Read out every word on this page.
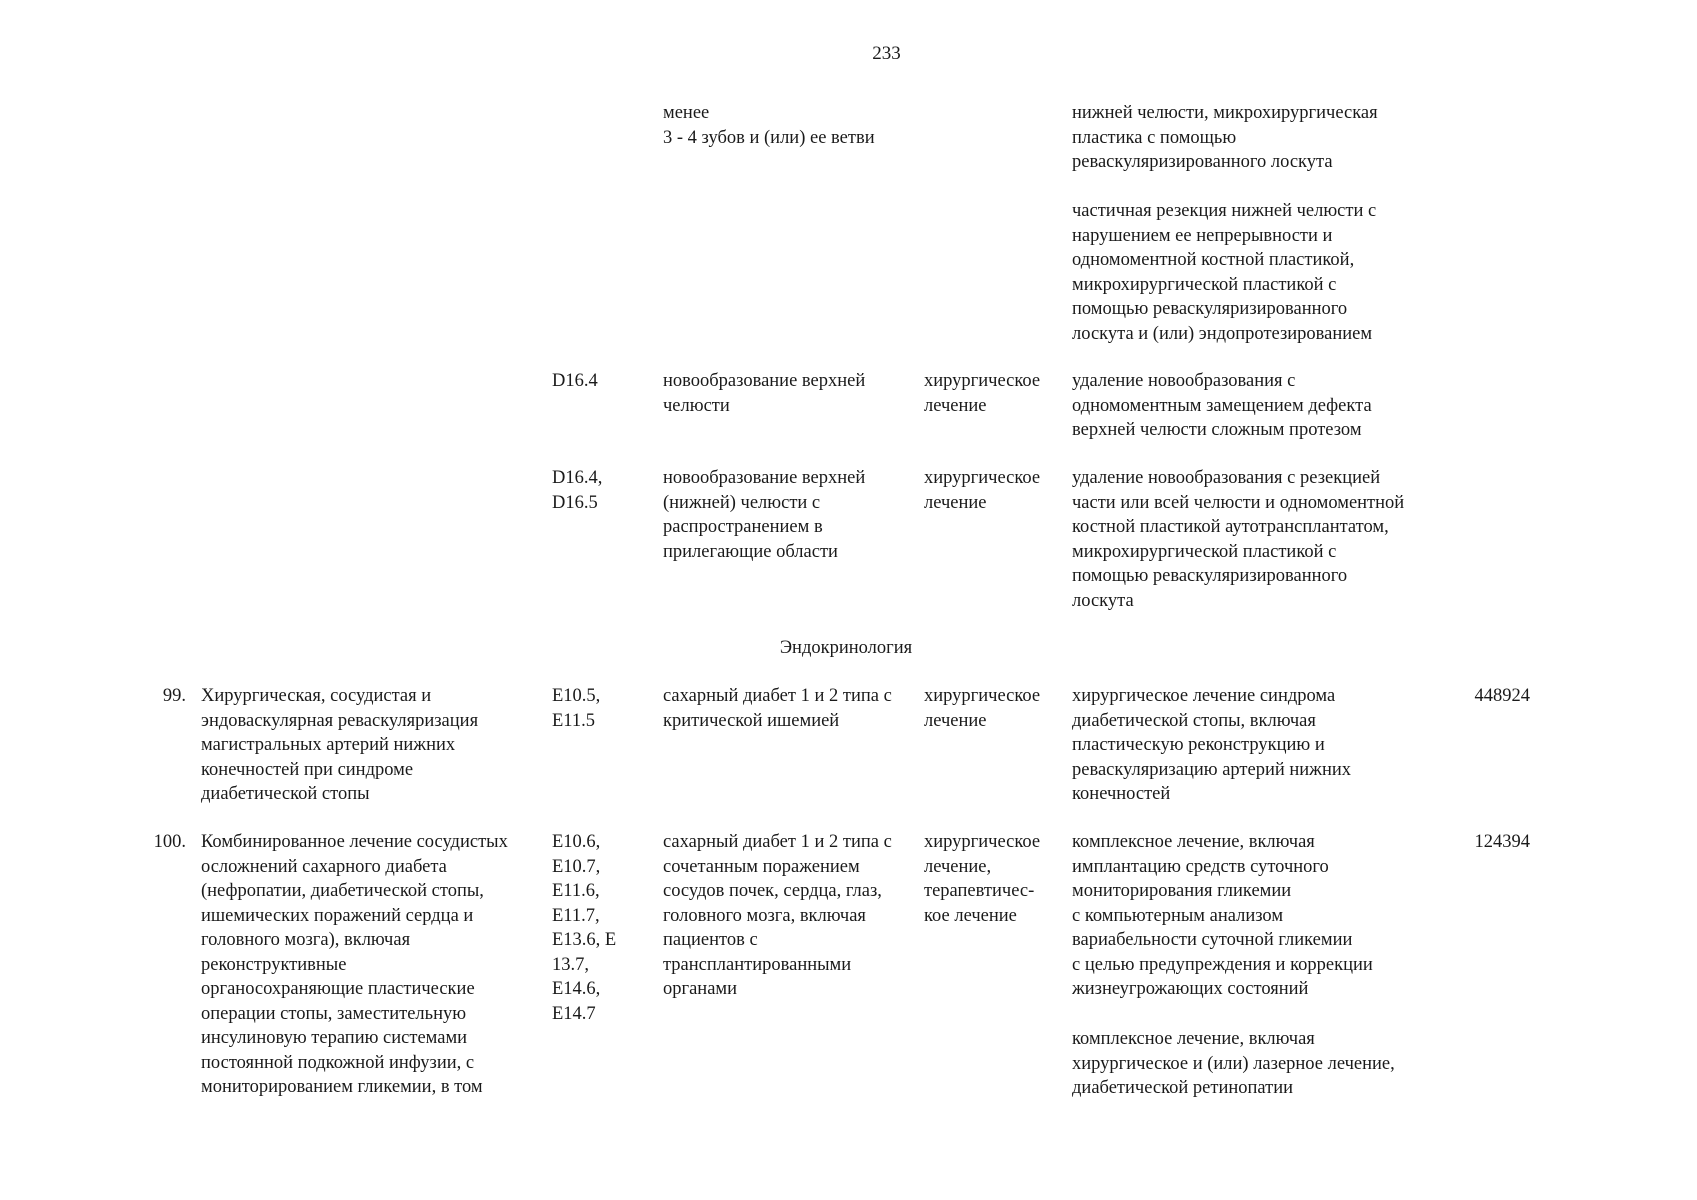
233
менее
3 - 4 зубов и (или) ее ветви
нижней челюсти, микрохирургическая
пластика с помощью
реваскуляризированного лоскута
частичная резекция нижней челюсти с
нарушением ее непрерывности и
одномоментной костной пластикой,
микрохирургической пластикой с
помощью реваскуляризированного
лоскута и (или) эндопротезированием
D16.4	новообразование верхней
челюсти
хирургическое
лечение
удаление новообразования с
одномоментным замещением дефекта
верхней челюсти сложным протезом
D16.4,
D16.5
новообразование верхней
(нижней) челюсти с
распространением в
прилегающие области
хирургическое
лечение
удаление новообразования с резекцией
части или всей челюсти и одномоментной
костной пластикой аутотрансплантатом,
микрохирургической пластикой с
помощью реваскуляризированного
лоскута
Эндокринология
99. Хирургическая, сосудистая и
эндоваскулярная реваскуляризация
магистральных артерий нижних
конечностей при синдроме
диабетической стопы
E10.5,
E11.5
сахарный диабет 1 и 2 типа с
критической ишемией
хирургическое
лечение
хирургическое лечение синдрома
диабетической стопы, включая
пластическую реконструкцию и
реваскуляризацию артерий нижних
конечностей
448924
100. Комбинированное лечение сосудистых
осложнений сахарного диабета
(нефропатии, диабетической стопы,
ишемических поражений сердца и
головного мозга), включая
реконструктивные
органосохраняющие пластические
операции стопы, заместительную
инсулиновую терапию системами
постоянной подкожной инфузии, с
мониторированием гликемии, в том
E10.6,
E10.7,
E11.6,
E11.7,
E13.6, E
13.7,
E14.6,
E14.7
сахарный диабет 1 и 2 типа с
сочетанным поражением
сосудов почек, сердца, глаз,
головного мозга, включая
пациентов с
трансплантированными
органами
хирургическое
лечение,
терапевтичес-
кое лечение
комплексное лечение, включая
имплантацию средств суточного
мониторирования гликемии
с компьютерным анализом
вариабельности суточной гликемии
с целью предупреждения и коррекции
жизнеугрожающих состояний
комплексное лечение, включая
хирургическое и (или) лазерное лечение,
диабетической ретинопатии
124394
